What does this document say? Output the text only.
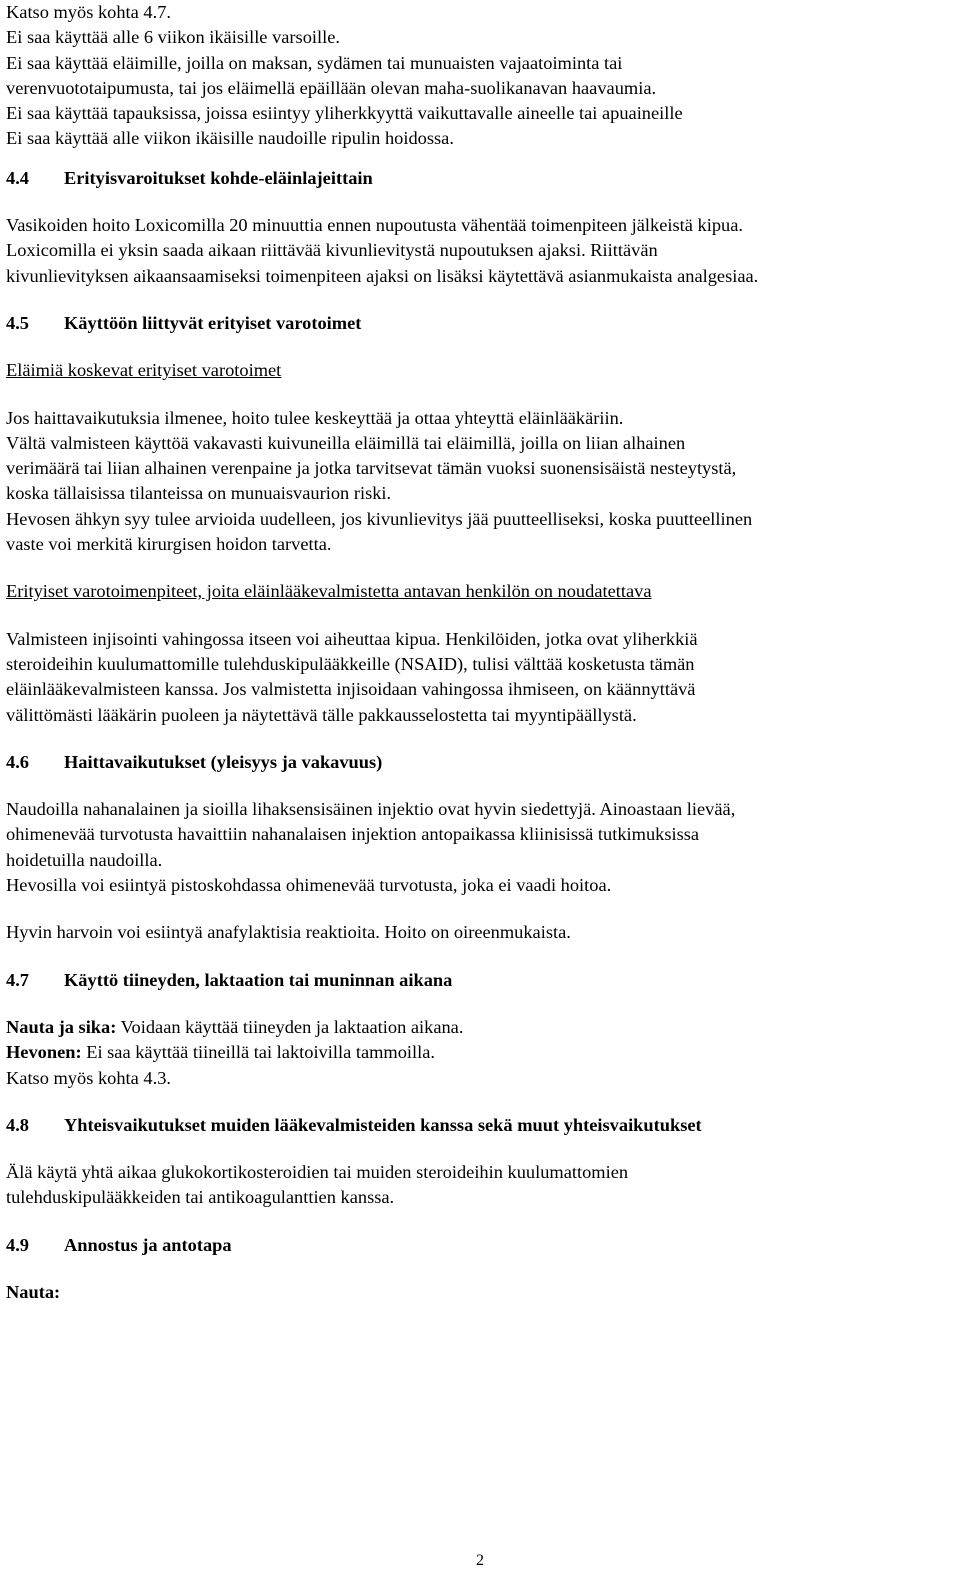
Katso myös kohta 4.7.
Ei saa käyttää alle 6 viikon ikäisille varsoille.
Ei saa käyttää eläimille, joilla on maksan, sydämen tai munuaisten vajaatoiminta tai
verenvuototaipumusta, tai jos eläimellä epäillään olevan maha-suolikanavan haavaumia.
Ei saa käyttää tapauksissa, joissa esiintyy yliherkkyyttä vaikuttavalle aineelle tai apuaineille
Ei saa käyttää alle viikon ikäisille naudoille ripulin hoidossa.
4.4 Erityisvaroitukset kohde-eläinlajeittain
Vasikoiden hoito Loxicomilla 20 minuuttia ennen nupoutusta vähentää toimenpiteen jälkeistä kipua.
Loxicomilla ei yksin saada aikaan riittävää kivunlievitystä nupoutuksen ajaksi. Riittävän
kivunlievityksen aikaansaamiseksi toimenpiteen ajaksi on lisäksi käytettävä asianmukaista analgesiaa.
4.5 Käyttöön liittyvät erityiset varotoimet
Eläimiä koskevat erityiset varotoimet
Jos haittavaikutuksia ilmenee, hoito tulee keskeyttää ja ottaa yhteyttä eläinlääkäriin.
Vältä valmisteen käyttöä vakavasti kuivuneilla eläimillä tai eläimillä, joilla on liian alhainen
verimäärä tai liian alhainen verenpaine ja jotka tarvitsevat tämän vuoksi suonensisäistä nesteytystä,
koska tällaisissa tilanteissa on munuaisvaurion riski.
Hevosen ähkyn syy tulee arvioida uudelleen, jos kivunlievitys jää puutteelliseksi, koska puutteellinen
vaste voi merkitä kirurgisen hoidon tarvetta.
Erityiset varotoimenpiteet, joita eläinlääkevalmistetta antavan henkilön on noudatettava
Valmisteen injisointi vahingossa itseen voi aiheuttaa kipua. Henkilöiden, jotka ovat yliherkkiä
steroideihin kuulumattomille tulehduskipulääkkeille (NSAID), tulisi välttää kosketusta tämän
eläinlääkevalmisteen kanssa. Jos valmistetta injisoidaan vahingossa ihmiseen, on käännyttävä
välittömästi lääkärin puoleen ja näytettävä tälle pakkausselostetta tai myyntipäällystä.
4.6 Haittavaikutukset (yleisyys ja vakavuus)
Naudoilla nahanalainen ja sioilla lihaksensisäinen injektio ovat hyvin siedettyjä. Ainoastaan lievää,
ohimenevää turvotusta havaittiin nahanalaisen injektion antopaikassa kliinisissä tutkimuksissa
hoidetuilla naudoilla.
Hevosilla voi esiintyä pistoskohdassa ohimenevää turvotusta, joka ei vaadi hoitoa.
Hyvin harvoin voi esiintyä anafylaktisia reaktioita. Hoito on oireenmukaista.
4.7 Käyttö tiineyden, laktaation tai muninnan aikana
Nauta ja sika: Voidaan käyttää tiineyden ja laktaation aikana.
Hevonen: Ei saa käyttää tiineillä tai laktoivilla tammoilla.
Katso myös kohta 4.3.
4.8 Yhteisvaikutukset muiden lääkevalmisteiden kanssa sekä muut yhteisvaikutukset
Älä käytä yhtä aikaa glukokortikosteroidien tai muiden steroideihin kuulumattomien
tulehduskipulääkkeiden tai antikoagulanttien kanssa.
4.9 Annostus ja antotapa
Nauta:
2
